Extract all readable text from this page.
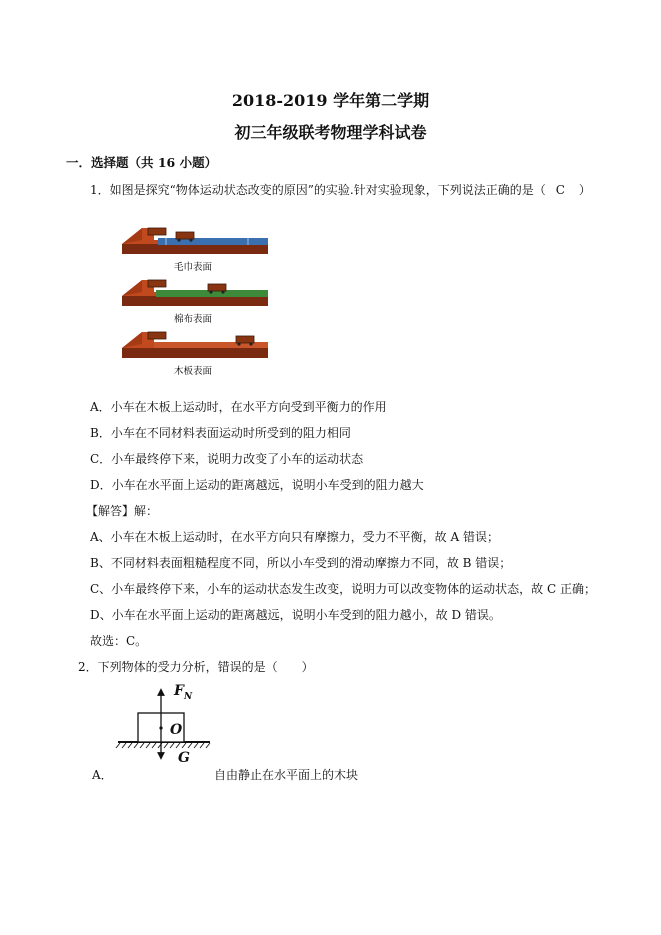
2018-2019 学年第二学期
初三年级联考物理学科试卷
一．选择题（共 16 小题）
1．如图是探究“物体运动状态改变的原因”的实验.针对实验现象，下列说法正确的是（ C ）
毛巾表面
棉布表面
木板表面
A．小车在木板上运动时，在水平方向受到平衡力的作用
B．小车在不同材料表面运动时所受到的阻力相同
C．小车最终停下来，说明力改变了小车的运动状态
D．小车在水平面上运动的距离越远，说明小车受到的阻力越大
【解答】解：
A、小车在木板上运动时，在水平方向只有摩擦力，受力不平衡，故 A 错误；
B、不同材料表面粗糙程度不同，所以小车受到的滑动摩擦力不同，故 B 错误；
C、小车最终停下来，小车的运动状态发生改变，说明力可以改变物体的运动状态，故 C 正确；
D、小车在水平面上运动的距离越远，说明小车受到的阻力越小，故 D 错误。
故选：C。
2．下列物体的受力分析，错误的是（　　）
$F_N$
O
G
A．	自由静止在水平面上的木块
